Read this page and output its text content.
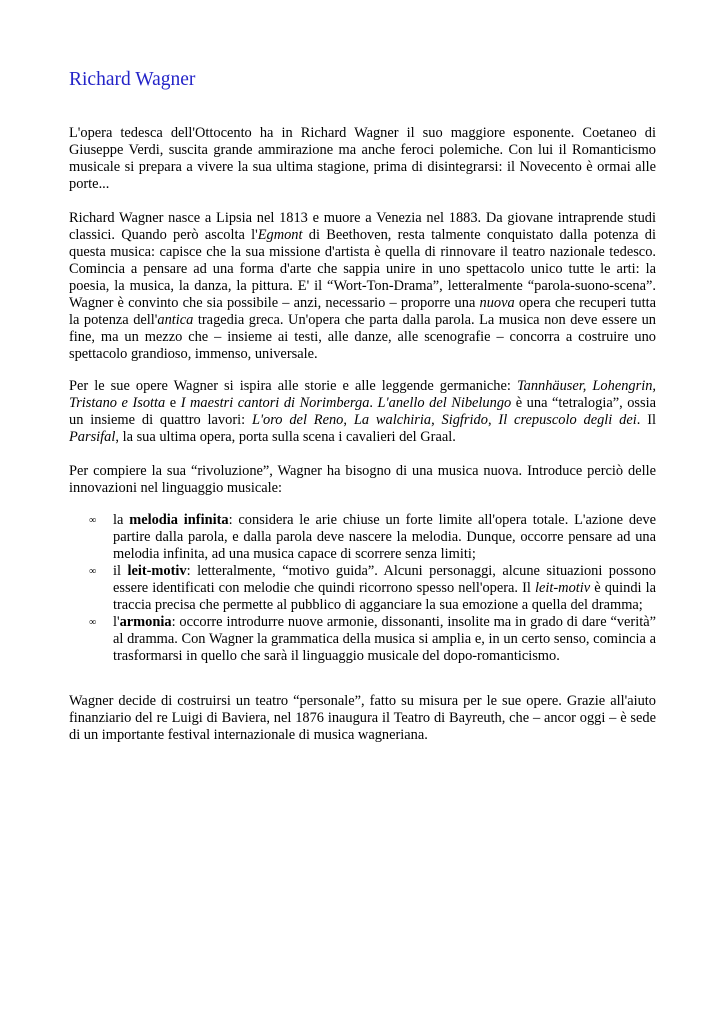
Richard Wagner

L'opera tedesca dell'Ottocento ha in Richard Wagner il suo maggiore esponente. Coetaneo di Giuseppe Verdi, suscita grande ammirazione ma anche feroci polemiche. Con lui il Romanticismo musicale si prepara a vivere la sua ultima stagione, prima di disintegrarsi: il Novecento è ormai alle porte...

Richard Wagner nasce a Lipsia nel 1813 e muore a Venezia nel 1883. Da giovane intraprende studi classici. Quando però ascolta l'Egmont di Beethoven, resta talmente conquistato dalla potenza di questa musica: capisce che la sua missione d'artista è quella di rinnovare il teatro nazionale tedesco. Comincia a pensare ad una forma d'arte che sappia unire in uno spettacolo unico tutte le arti: la poesia, la musica, la danza, la pittura. E' il “Wort-Ton-Drama”, letteralmente “parola-suono-scena”. Wagner è convinto che sia possibile – anzi, necessario – proporre una nuova opera che recuperi tutta la potenza dell'antica tragedia greca. Un'opera che parta dalla parola. La musica non deve essere un fine, ma un mezzo che – insieme ai testi, alle danze, alle scenografie – concorra a costruire uno spettacolo grandioso, immenso, universale.

Per le sue opere Wagner si ispira alle storie e alle leggende germaniche: Tannhäuser, Lohengrin, Tristano e Isotta e I maestri cantori di Norimberga. L'anello del Nibelungo è una “tetralogia”, ossia un insieme di quattro lavori: L'oro del Reno, La walchiria, Sigfrido, Il crepuscolo degli dei. Il Parsifal, la sua ultima opera, porta sulla scena i cavalieri del Graal.

Per compiere la sua “rivoluzione”, Wagner ha bisogno di una musica nuova. Introduce perciò delle innovazioni nel linguaggio musicale:

∞ la melodia infinita: considera le arie chiuse un forte limite all'opera totale. L'azione deve partire dalla parola, e dalla parola deve nascere la melodia. Dunque, occorre pensare ad una melodia infinita, ad una musica capace di scorrere senza limiti;
∞ il leit-motiv: letteralmente, “motivo guida”. Alcuni personaggi, alcune situazioni possono essere identificati con melodie che quindi ricorrono spesso nell'opera. Il leit-motiv è quindi la traccia precisa che permette al pubblico di agganciare la sua emozione a quella del dramma;
∞ l'armonia: occorre introdurre nuove armonie, dissonanti, insolite ma in grado di dare “verità” al dramma. Con Wagner la grammatica della musica si amplia e, in un certo senso, comincia a trasformarsi in quello che sarà il linguaggio musicale del dopo-romanticismo.

Wagner decide di costruirsi un teatro “personale”, fatto su misura per le sue opere. Grazie all'aiuto finanziario del re Luigi di Baviera, nel 1876 inaugura il Teatro di Bayreuth, che – ancor oggi – è sede di un importante festival internazionale di musica wagneriana.
